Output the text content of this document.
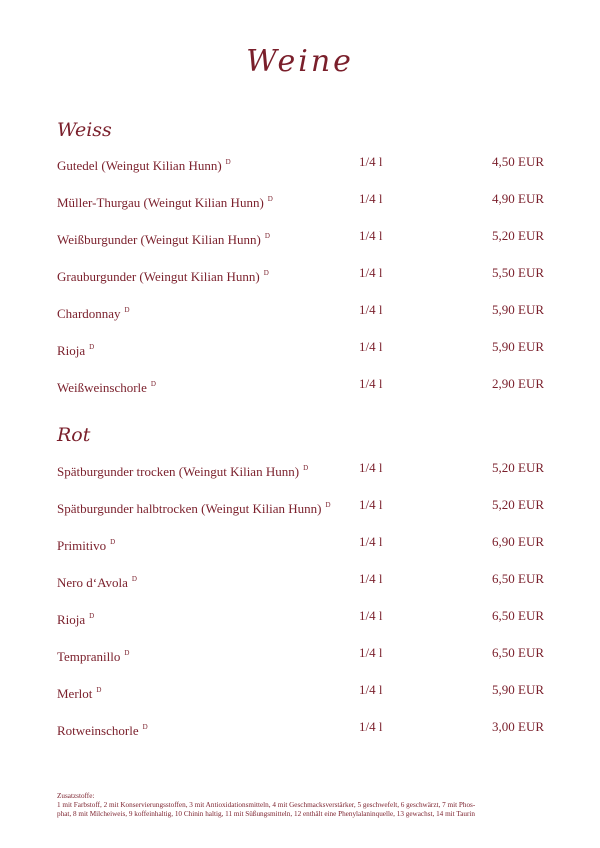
Weine
Weiss
Gutedel (Weingut Kilian Hunn) $^D$	1/4 l	4,50 EUR
Müller-Thurgau (Weingut Kilian Hunn) $^D$	1/4 l	4,90 EUR
Weißburgunder (Weingut Kilian Hunn) $^D$	1/4 l	5,20 EUR
Grauburgunder (Weingut Kilian Hunn) $^D$	1/4 l	5,50 EUR
Chardonnay $^D$	1/4 l	5,90 EUR
Rioja $^D$	1/4 l	5,90 EUR
Weißweinschorle $^D$	1/4 l	2,90 EUR
Rot
Spätburgunder trocken (Weingut Kilian Hunn) $^D$	1/4 l	5,20 EUR
Spätburgunder halbtrocken (Weingut Kilian Hunn) $^D$ 1/4 l	5,20 EUR
Primitivo $^D$	1/4 l	6,90 EUR
Nero d‘Avola $^D$	1/4 l	6,50 EUR
Rioja $^D$	1/4 l	6,50 EUR
Tempranillo $^D$	1/4 l	6,50 EUR
Merlot $^D$	1/4 l	5,90 EUR
Rotweinschorle $^D$	1/4 l	3,00 EUR
Zusatzstoffe:
1 mit Farbstoff, 2 mit Konservierungsstoffen, 3 mit Antioxidationsmitteln, 4 mit Geschmacksverstärker, 5 geschwefelt, 6 geschwärzt, 7 mit Phos-
phat, 8 mit Milcheiweis, 9 koffeinhaltig, 10 Chinin haltig, 11 mit Süßungsmitteln, 12 enthält eine Phenylalaninquelle, 13 gewachst, 14 mit Taurin
